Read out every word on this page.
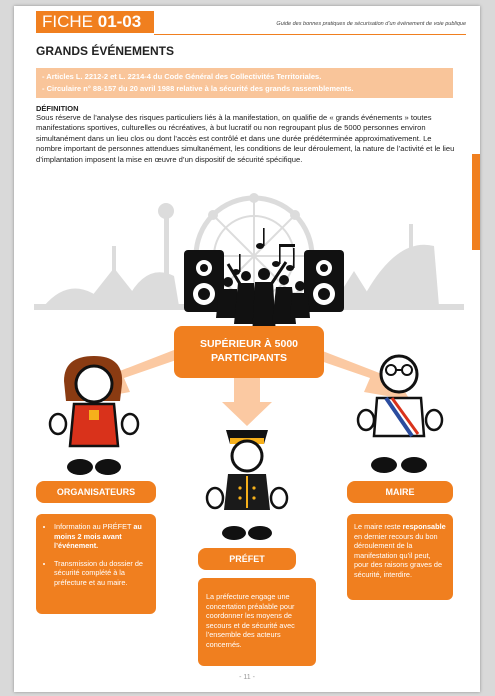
FICHE 01-03	Guide des bonnes pratiques de sécurisation d’un événement de voie publique
GRANDS ÉVÉNEMENTS
- Articles L. 2212-2 et L. 2214-4 du Code Général des Collectivités Territoriales.
- Circulaire n° 88-157 du 20 avril 1988 relative à la sécurité des grands rassemblements.
DÉFINITION
Sous réserve de l’analyse des risques particuliers liés à la manifestation, on qualifie de « grands événements » toutes manifestations sportives, culturelles ou récréatives, à but lucratif ou non regroupant plus de 5000 personnes environ simultanément dans un lieu clos ou dont l’accès est contrôlé et dans une durée prédéterminée approximativement. Le nombre important de personnes attendues simultanément, les conditions de leur déroulement, la nature de l’activité et le lieu d’implantation imposent la mise en œuvre d’un dispositif de sécurité spécifique.
SUPÉRIEUR À 5000
PARTICIPANTS
ORGANISATEURS
• Information au PRÉFET au moins 2 mois avant l’événement.
• Transmission du dossier de sécurité complété à la préfecture et au maire.
MAIRE
Le maire reste responsable en dernier recours du bon déroulement de la manifestation qu’il peut, pour des raisons graves de sécurité, interdire.
PRÉFET
La préfecture engage une concertation préalable pour coordonner les moyens de secours et de sécurité avec l’ensemble des acteurs concernés.
- 11 -
